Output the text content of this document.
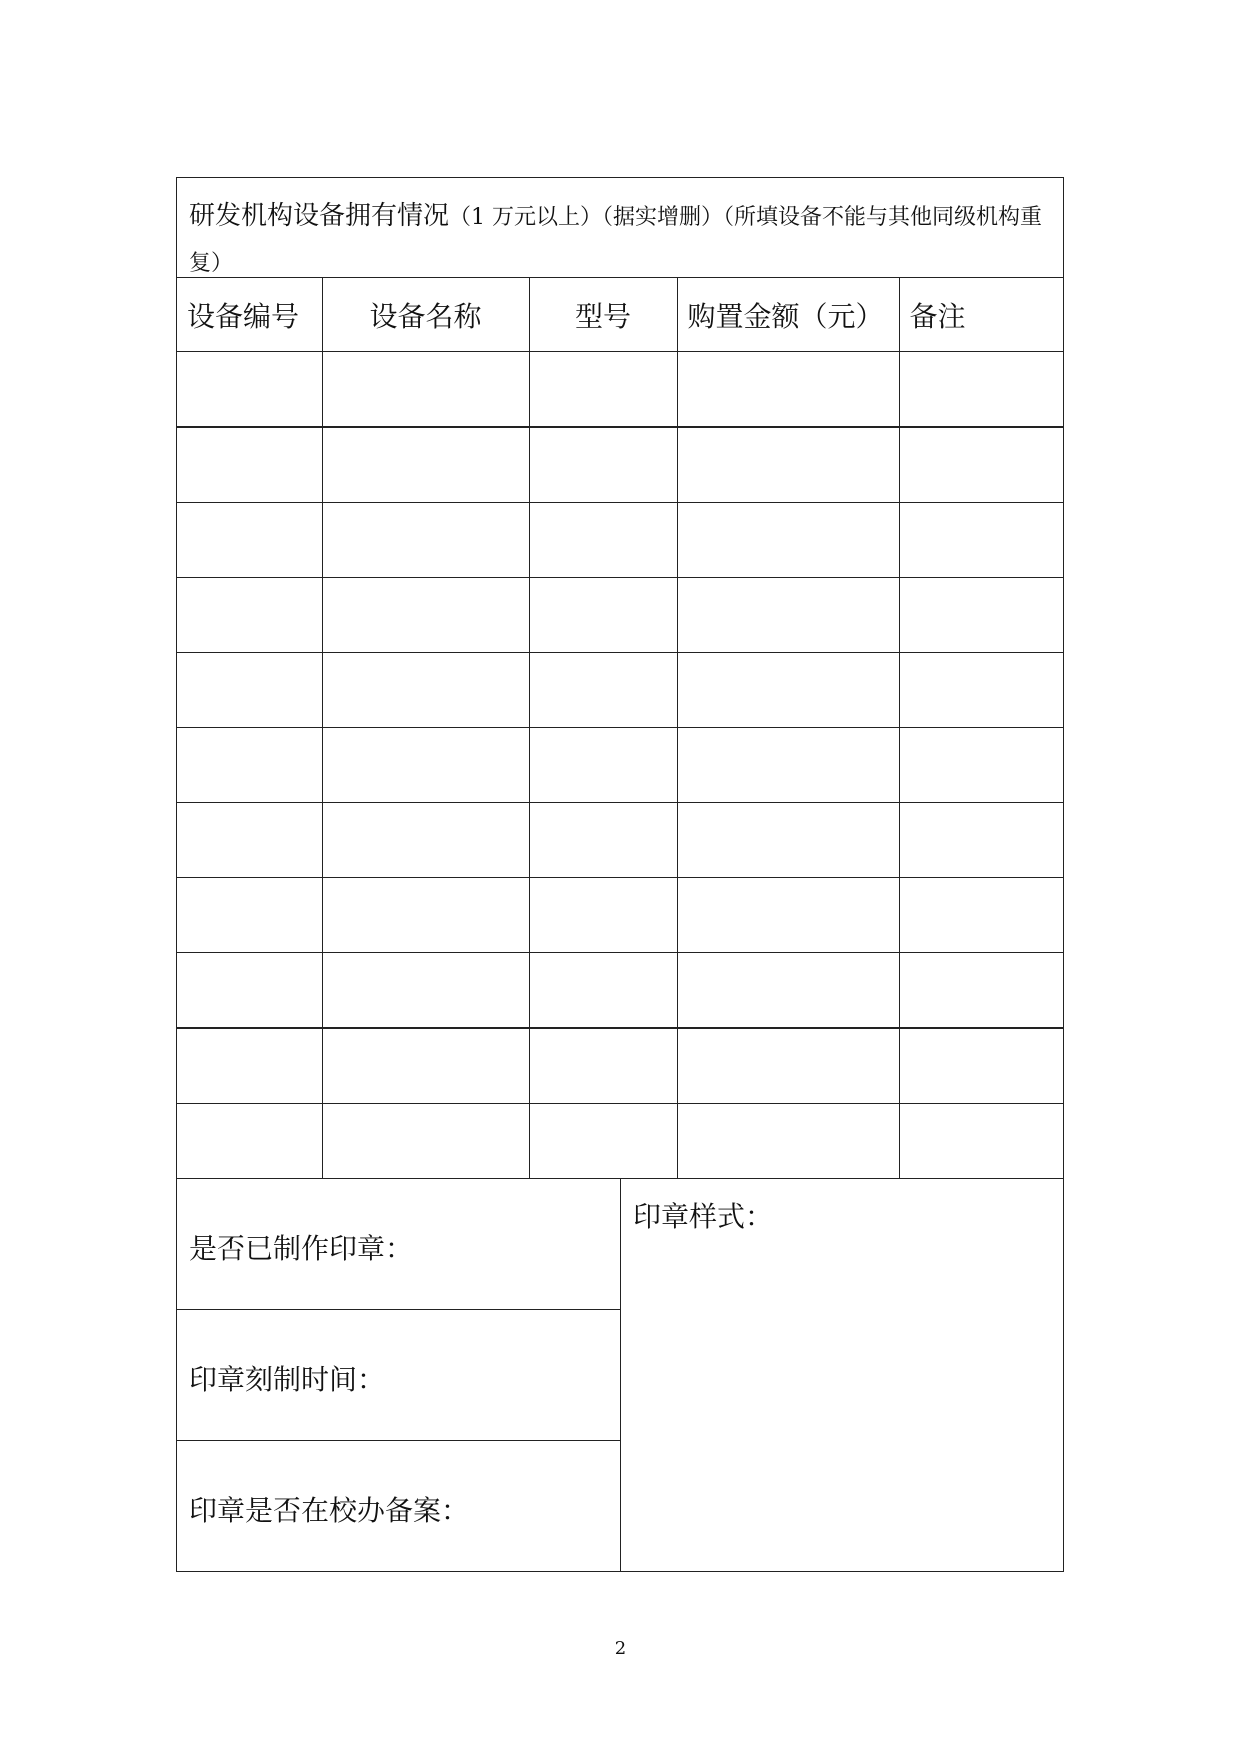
研发机构设备拥有情况（1 万元以上）（据实增删）（所填设备不能与其他同级机构重复）
设备编号	设备名称	型号	购置金额（元）	备注

是否已制作印章：
印章刻制时间：
印章是否在校办备案：
印章样式：
2
